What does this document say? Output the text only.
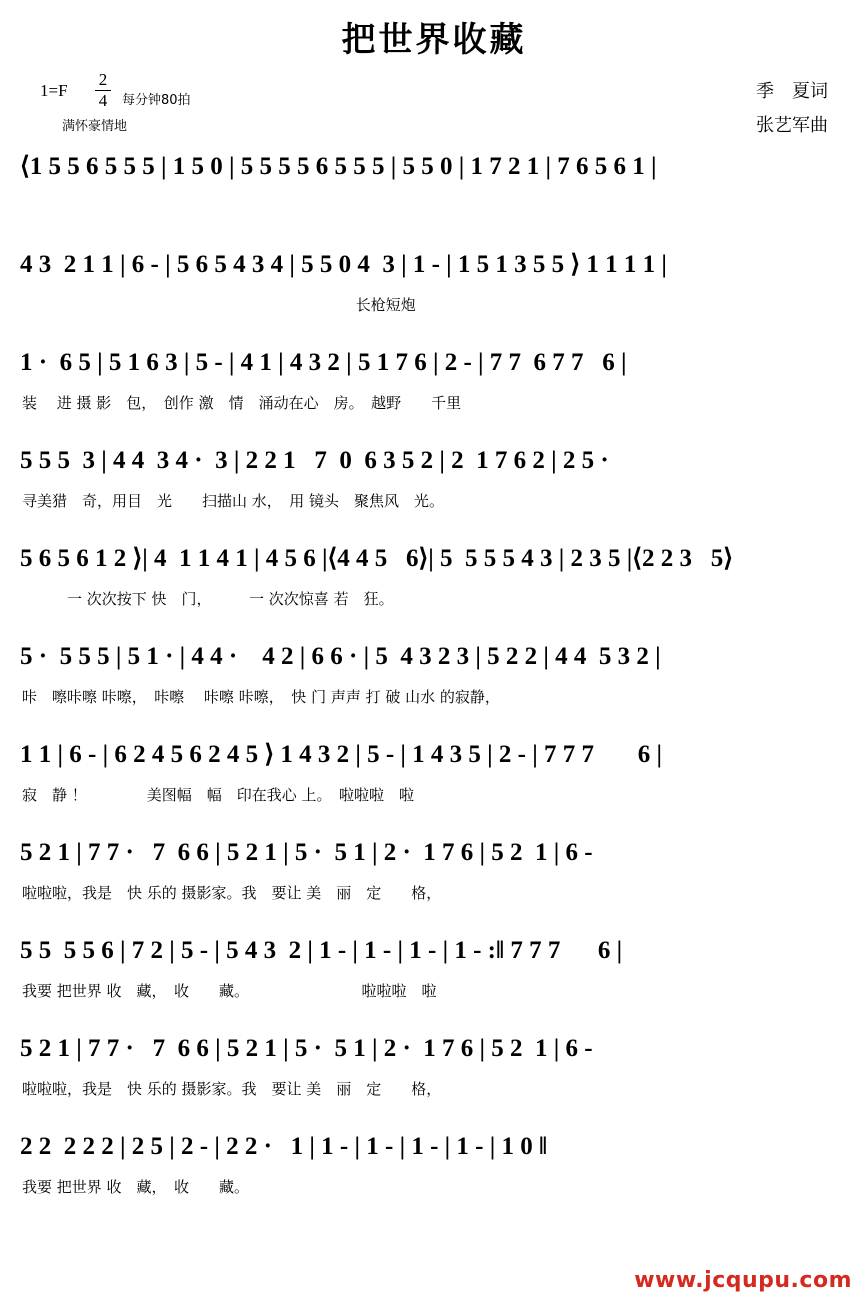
把世界收藏
1=F
2
4 每分钟80拍
满怀豪情地
季　夏词
张艺军曲
⟨1 5 5 6 5 5 5 | 1 5 0 | 5 5 5 5 6 5 5 5 | 5 5 0 | 1 7 2 1 | 7 6 5 6 1 |
4 3  2 1 1 | 6 - | 5 6 5 4 3 4 | 5 5 0 4  3 | 1 - | 1 5 1 3 5 5 ⟩ 1 1 1 1 |
长枪短炮
1 ·  6 5 | 5 1 6 3 | 5 - | 4 1 | 4 3 2 | 5 1 7 6 | 2 - | 7 7  6 7 7   6 |
装　 进 摄 影　包，　创作 激　情　涌动在心　房。　越野　　千里
5 5 5  3 | 4 4  3 4 ·  3 | 2 2 1   7  0  6 3 5 2 | 2  1 7 6 2 | 2 5 ·
寻美猎　奇，用目　光　　扫描山 水，　用 镜头　聚焦风　光。
5 6 5 6 1 2 ⟩| 4  1 1 4 1 | 4 5 6 |⟨4 4 5   6⟩| 5  5 5 5 4 3 | 2 3 5 |⟨2 2 3   5⟩
　　　一 次次按下 快　门，　　　一 次次惊喜 若　狂。
5 ·  5 5 5 | 5 1 · | 4 4 ·    4 2 | 6 6 · | 5  4 3 2 3 | 5 2 2 | 4 4  5 3 2 |
咔　嚓咔嚓 咔嚓，　咔嚓　 咔嚓 咔嚓，　快 门 声声 打 破 山水 的寂静，
1 1 | 6 - | 6 2 4 5 6 2 4 5 ⟩ 1 4 3 2 | 5 - | 1 4 3 5 | 2 - | 7 7 7       6 |
寂　静 ！　　　　美图幅　幅　印在我心 上。　啦啦啦　啦
5 2 1 | 7 7 ·   7  6 6 | 5 2 1 | 5 ·  5 1 | 2 ·  1 7 6 | 5 2  1 | 6 -
啦啦啦，我是　快 乐的 摄影家。我　要让 美　丽　定　　格，
5 5  5 5 6 | 7 2 | 5 - | 5 4 3  2 | 1 - | 1 - | 1 - | 1 - :‖ 7 7 7      6 |
我要 把世界 收　藏，　收　　藏。　　　　　　　　啦啦啦　啦
5 2 1 | 7 7 ·   7  6 6 | 5 2 1 | 5 ·  5 1 | 2 ·  1 7 6 | 5 2  1 | 6 -
啦啦啦，我是　快 乐的 摄影家。我　要让 美　丽　定　　格，
2 2  2 2 2 | 2 5 | 2 - | 2 2 ·   1 | 1 - | 1 - | 1 - | 1 - | 1 0 ‖
我要 把世界 收　藏，　收　　藏。
www.jcqupu.com
